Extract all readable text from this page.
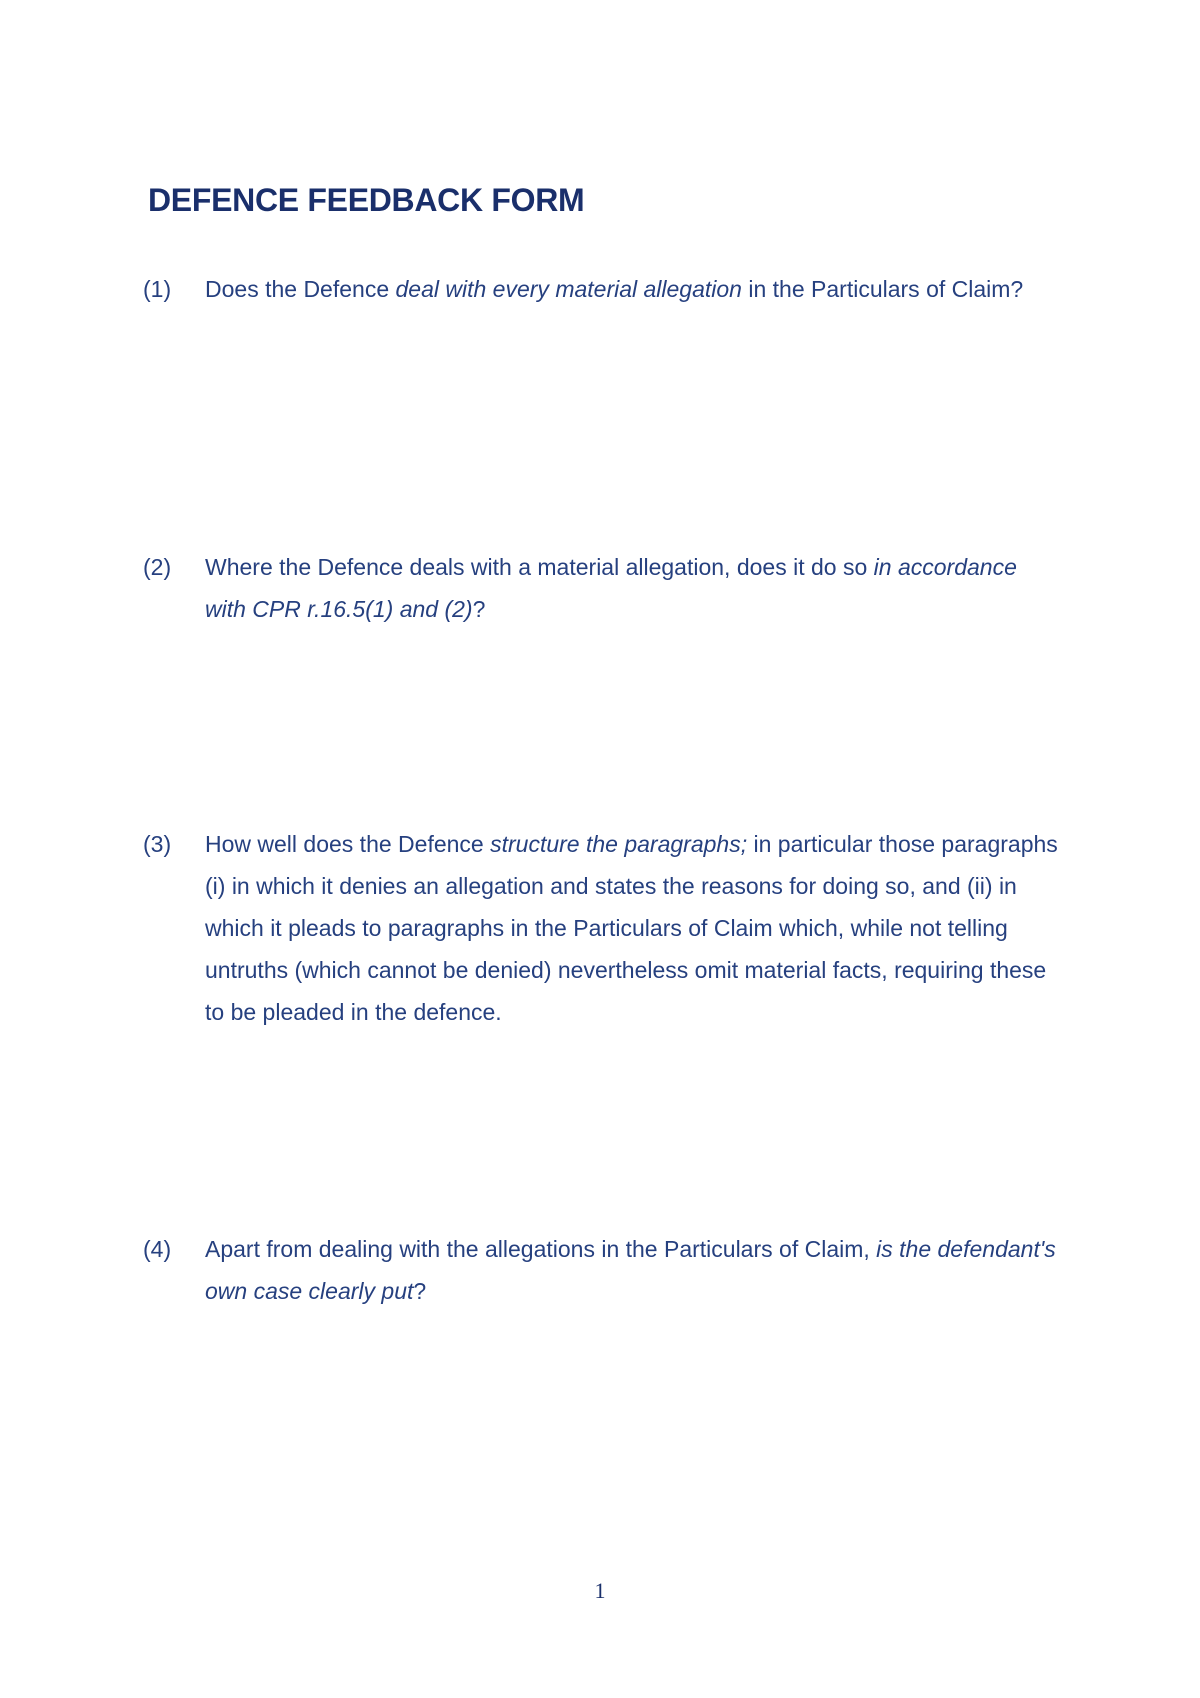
DEFENCE FEEDBACK FORM
(1)	Does the Defence deal with every material allegation in the Particulars of Claim?
(2)	Where the Defence deals with a material allegation, does it do so in accordance with CPR r.16.5(1) and (2)?
(3)	How well does the Defence structure the paragraphs; in particular those paragraphs (i) in which it denies an allegation and states the reasons for doing so, and (ii) in which it pleads to paragraphs in the Particulars of Claim which, while not telling untruths (which cannot be denied) nevertheless omit material facts, requiring these to be pleaded in the defence.
(4)	Apart from dealing with the allegations in the Particulars of Claim, is the defendant's own case clearly put?
1
